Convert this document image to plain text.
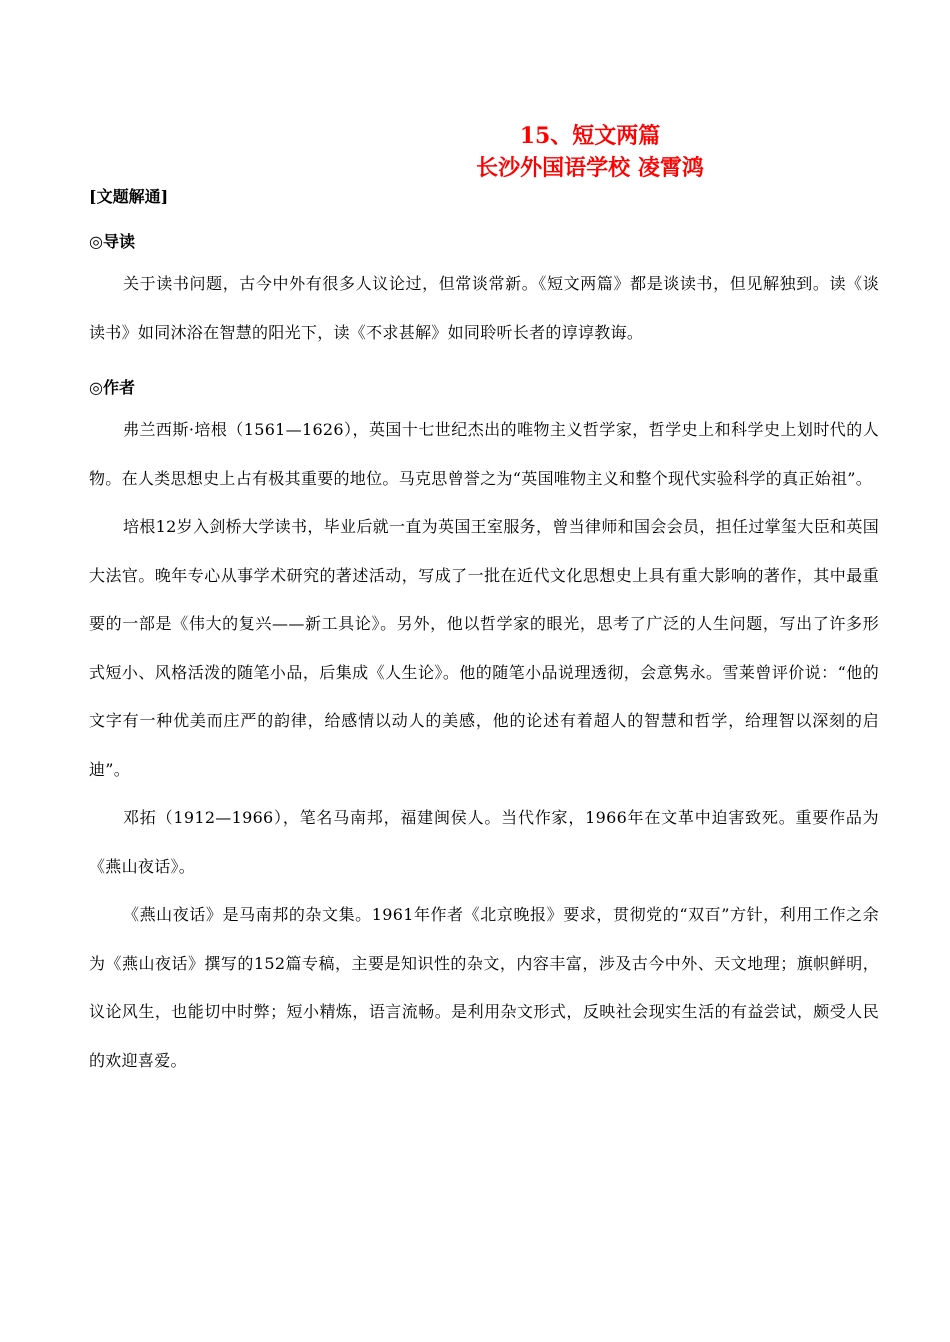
15、短文两篇
长沙外国语学校 凌霄鸿

[文题解通]

◎导读

关于读书问题，古今中外有很多人议论过，但常谈常新。《短文两篇》都是谈读书，但见解独到。读《谈读书》如同沐浴在智慧的阳光下，读《不求甚解》如同聆听长者的谆谆教诲。

◎作者

弗兰西斯·培根（1561—1626），英国十七世纪杰出的唯物主义哲学家，哲学史上和科学史上划时代的人物。在人类思想史上占有极其重要的地位。马克思曾誉之为“英国唯物主义和整个现代实验科学的真正始祖”。

培根12岁入剑桥大学读书，毕业后就一直为英国王室服务，曾当律师和国会会员，担任过掌玺大臣和英国大法官。晚年专心从事学术研究的著述活动，写成了一批在近代文化思想史上具有重大影响的著作，其中最重要的一部是《伟大的复兴——新工具论》。另外，他以哲学家的眼光，思考了广泛的人生问题，写出了许多形式短小、风格活泼的随笔小品，后集成《人生论》。他的随笔小品说理透彻，会意隽永。雪莱曾评价说：“他的文字有一种优美而庄严的韵律，给感情以动人的美感，他的论述有着超人的智慧和哲学，给理智以深刻的启迪”。

邓拓（1912—1966），笔名马南邦，福建闽侯人。当代作家，1966年在文革中迫害致死。重要作品为《燕山夜话》。

《燕山夜话》是马南邦的杂文集。1961年作者《北京晚报》要求，贯彻党的“双百”方针，利用工作之余为《燕山夜话》撰写的152篇专稿，主要是知识性的杂文，内容丰富，涉及古今中外、天文地理；旗帜鲜明，议论风生，也能切中时弊；短小精炼，语言流畅。是利用杂文形式，反映社会现实生活的有益尝试，颇受人民的欢迎喜爱。
